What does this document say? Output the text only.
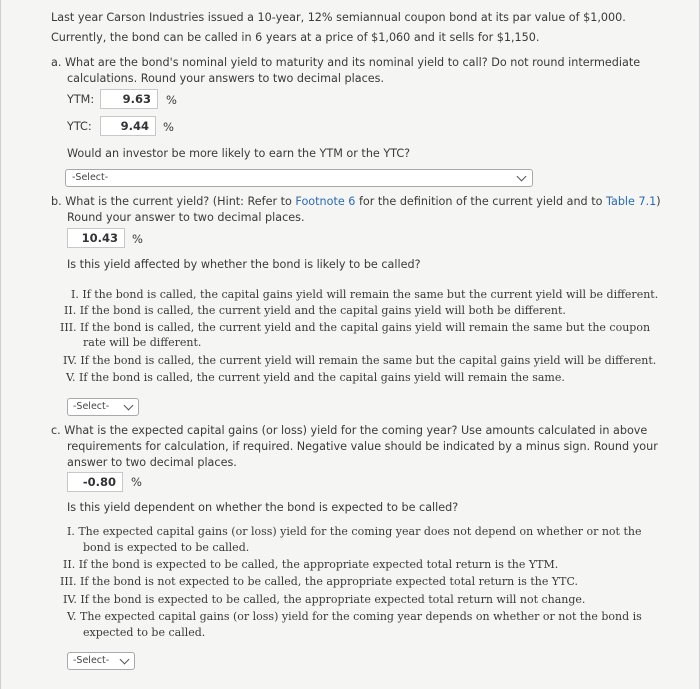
Last year Carson Industries issued a 10-year, 12% semiannual coupon bond at its par value of $1,000.
Currently, the bond can be called in 6 years at a price of $1,060 and it sells for $1,150.
a. What are the bond's nominal yield to maturity and its nominal yield to call? Do not round intermediate
calculations. Round your answers to two decimal places.
YTM:	9.63	%
YTC:	9.44	%
Would an investor be more likely to earn the YTM or the YTC?
-Select-
b. What is the current yield? (Hint: Refer to Footnote 6 for the definition of the current yield and to Table 7.1)
Round your answer to two decimal places.
10.43	%
Is this yield affected by whether the bond is likely to be called?
I. If the bond is called, the capital gains yield will remain the same but the current yield will be different.
II. If the bond is called, the current yield and the capital gains yield will both be different.
III. If the bond is called, the current yield and the capital gains yield will remain the same but the coupon
rate will be different.
IV. If the bond is called, the current yield will remain the same but the capital gains yield will be different.
V. If the bond is called, the current yield and the capital gains yield will remain the same.
-Select-
c. What is the expected capital gains (or loss) yield for the coming year? Use amounts calculated in above
requirements for calculation, if required. Negative value should be indicated by a minus sign. Round your
answer to two decimal places.
-0.80	%
Is this yield dependent on whether the bond is expected to be called?
I. The expected capital gains (or loss) yield for the coming year does not depend on whether or not the
bond is expected to be called.
II. If the bond is expected to be called, the appropriate expected total return is the YTM.
III. If the bond is not expected to be called, the appropriate expected total return is the YTC.
IV. If the bond is expected to be called, the appropriate expected total return will not change.
V. The expected capital gains (or loss) yield for the coming year depends on whether or not the bond is
expected to be called.
-Select-
